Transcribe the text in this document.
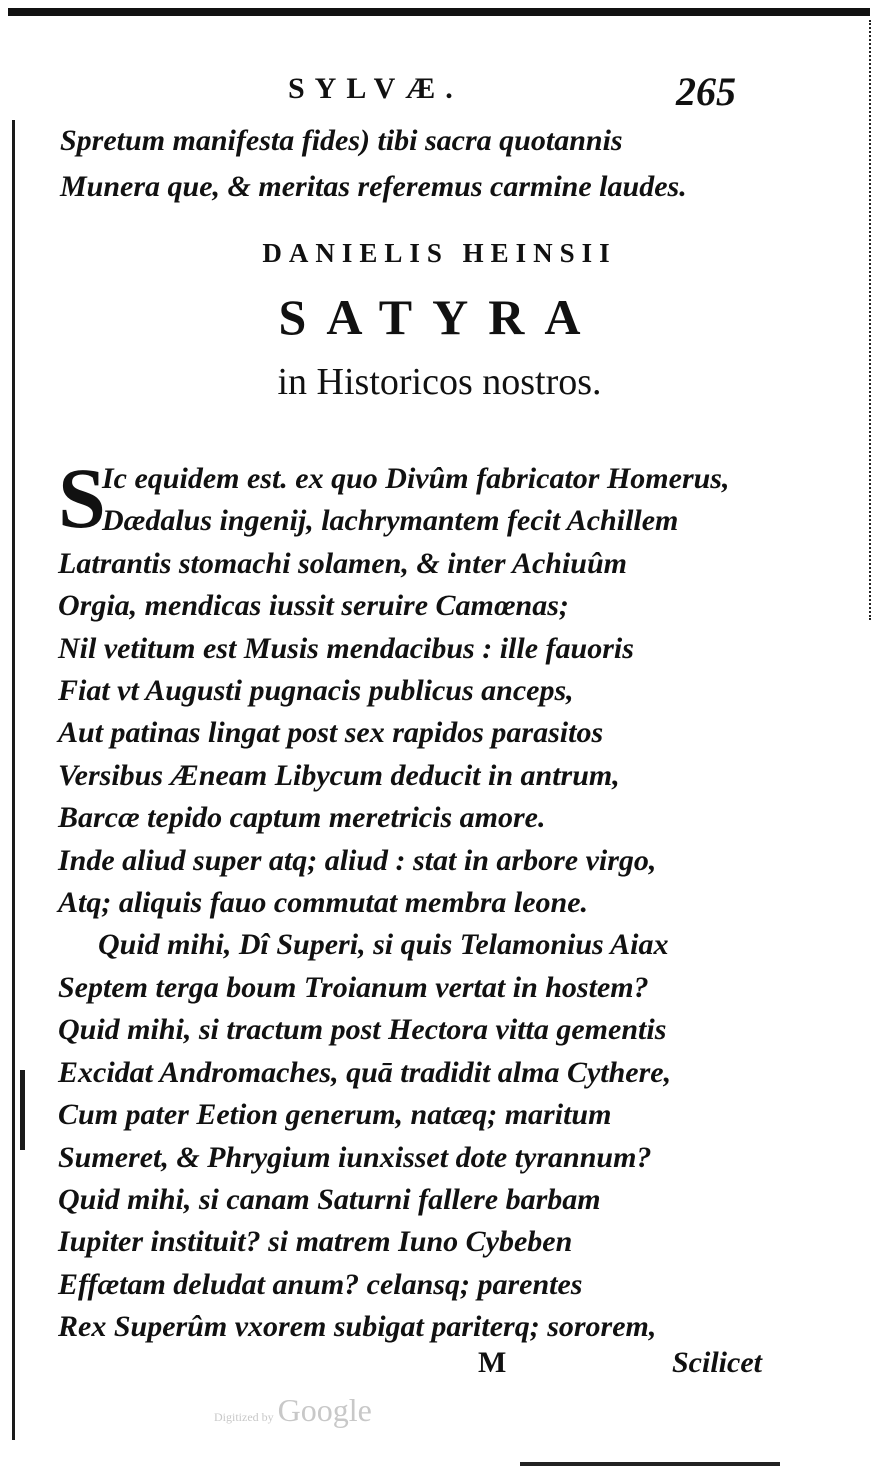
SYLVÆ.	265
Spretum manifesta fides) tibi sacra quotannis
Munera que, & meritas referemus carmine laudes.
DANIELIS HEINSII
SATYRA
in Historicos nostros.
S
Ic equidem est. ex quo Divûm fabricator Homerus,
Dædalus ingenij, lachrymantem fecit Achillem
Latrantis stomachi solamen, & inter Achiuûm
Orgia, mendicas iussit seruire Camœnas;
Nil vetitum est Musis mendacibus : ille fauoris
Fiat vt Augusti pugnacis publicus anceps,
Aut patinas lingat post sex rapidos parasitos
Versibus Æneam Libycum deducit in antrum,
Barcæ tepido captum meretricis amore.
Inde aliud super atq; aliud : stat in arbore virgo,
Atq; aliquis fauo commutat membra leone.
Quid mihi, Dî Superi, si quis Telamonius Aiax
Septem terga boum Troianum vertat in hostem?
Quid mihi, si tractum post Hectora vitta gementis
Excidat Andromaches, quā tradidit alma Cythere,
Cum pater Eetion generum, natæq; maritum
Sumeret, & Phrygium iunxisset dote tyrannum?
Quid mihi, si canam Saturni fallere barbam
Iupiter instituit? si matrem Iuno Cybeben
Effætam deludat anum? celansq; parentes
Rex Superûm vxorem subigat pariterq; sororem,
M	Scilicet
Digitized by Google
